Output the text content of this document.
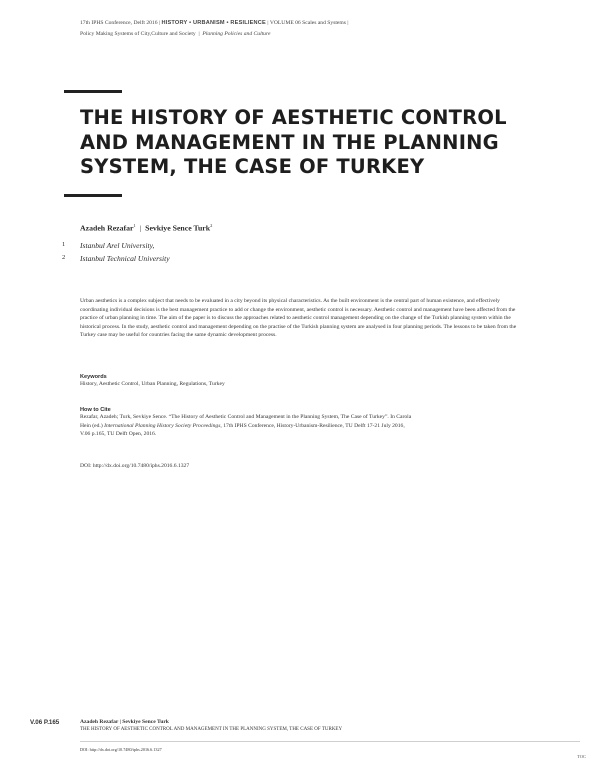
17th IPHS Conference, Delft 2016 | HISTORY • URBANISM • RESILIENCE | VOLUME 06 Scales and Systems |
Policy Making Systems of City,Culture and Society | Planning Policies and Culture
THE HISTORY OF AESTHETIC CONTROL AND MANAGEMENT IN THE PLANNING SYSTEM, THE CASE OF TURKEY
Azadeh Rezafar$^1$ | Sevkiye Sence Turk$^2$
1 Istanbul Arel University,
2 Istanbul Technical University
Urban aesthetics is a complex subject that needs to be evaluated in a city beyond its physical characteristics. As the built environment is the central part of human existence, and effectively coordinating individual decisions is the best management practice to add or change the environment, aesthetic control is necessary. Aesthetic control and management have been affected from the practice of urban planning in time. The aim of the paper is to discuss the approaches related to aesthetic control management depending on the change of the Turkish planning system within the historical process. In the study, aesthetic control and management depending on the practise of the Turkish planning system are analysed in four planning periods. The lessons to be taken from the Turkey case may be useful for countries facing the same dynamic development process.
Keywords
History, Aesthetic Control, Urban Planning, Regulations, Turkey
How to Cite
Rezafar, Azadeh; Turk, Sevkiye Sence. “The History of Aesthetic Control and Management in the Planning System, The Case of Turkey”. In Carola
Hein (ed.) International Planning History Society Proceedings, 17th IPHS Conference, History-Urbanism-Resilience, TU Delft 17-21 July 2016,
V.06 p.165, TU Delft Open, 2016.
DOI: http://dx.doi.org/10.7480/iphs.2016.6.1327
V.06 P.165	Azadeh Rezafar | Sevkiye Sence Turk
THE HISTORY OF AESTHETIC CONTROL AND MANAGEMENT IN THE PLANNING SYSTEM, THE CASE OF TURKEY
DOI: http://dx.doi.org/10.7480/iphs.2016.6.1327
TOC
